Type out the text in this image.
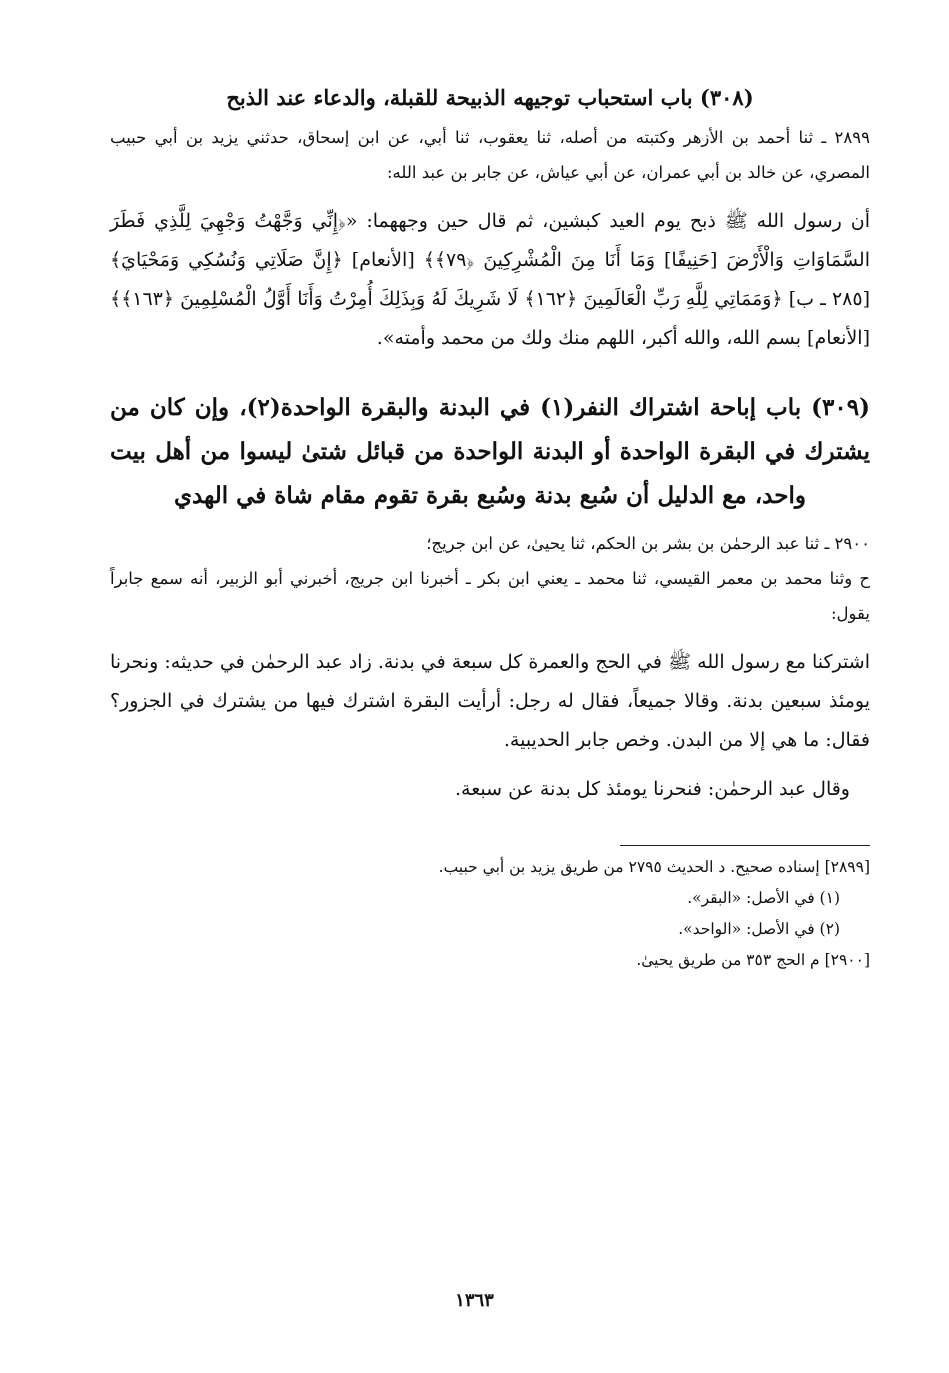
(٣٠٨) باب استحباب توجيهه الذبيحة للقبلة، والدعاء عند الذبح

٢٨٩٩ ـ ثنا أحمد بن الأزهر وكتبته من أصله، ثنا يعقوب، ثنا أبي، عن ابن إسحاق، حدثني يزيد بن أبي حبيب المصري، عن خالد بن أبي عمران، عن أبي عياش، عن جابر بن عبد الله:

أن رسول الله ﷺ ذبح يوم العيد كبشين، ثم قال حين وجههما: «﴿إِنِّي وَجَّهْتُ وَجْهِيَ لِلَّذِي فَطَرَ السَّمَاوَاتِ وَالْأَرْضَ [حَنِيفًا] وَمَا أَنَا مِنَ الْمُشْرِكِينَ ﴿٧٩﴾﴾ [الأنعام] ﴿إِنَّ صَلَاتِي وَنُسُكِي وَمَحْيَايَ﴾ [٢٨٥ ـ ب] ﴿وَمَمَاتِي لِلَّهِ رَبِّ الْعَالَمِينَ ﴿١٦٢﴾ لَا شَرِيكَ لَهُ وَبِذَلِكَ أُمِرْتُ وَأَنَا أَوَّلُ الْمُسْلِمِينَ ﴿١٦٣﴾﴾ [الأنعام] بسم الله، والله أكبر، اللهم منك ولك من محمد وأمته».

(٣٠٩) باب إباحة اشتراك النفر(١) في البدنة والبقرة الواحدة(٢)، وإن كان من يشترك في البقرة الواحدة أو البدنة الواحدة من قبائل شتىٰ ليسوا من أهل بيت واحد، مع الدليل أن سُبع بدنة وسُبع بقرة تقوم مقام شاة في الهدي

٢٩٠٠ ـ ثنا عبد الرحمٰن بن بشر بن الحكم، ثنا يحيىٰ، عن ابن جريج؛

ح وثنا محمد بن معمر القيسي، ثنا محمد ـ يعني ابن بكر ـ أخبرنا ابن جريج، أخبرني أبو الزبير، أنه سمع جابراً يقول:

اشتركنا مع رسول الله ﷺ في الحج والعمرة كل سبعة في بدنة. زاد عبد الرحمٰن في حديثه: ونحرنا يومئذ سبعين بدنة. وقالا جميعاً، فقال له رجل: أرأيت البقرة اشترك فيها من يشترك في الجزور؟ فقال: ما هي إلا من البدن. وخص جابر الحديبية.

وقال عبد الرحمٰن: فنحرنا يومئذ كل بدنة عن سبعة.

[٢٨٩٩] إسناده صحيح. د الحديث ٢٧٩٥ من طريق يزيد بن أبي حبيب.

(١) في الأصل: «البقر».

(٢) في الأصل: «الواحد».

[٢٩٠٠] م الحج ٣٥٣ من طريق يحيىٰ.

١٣٦٣
